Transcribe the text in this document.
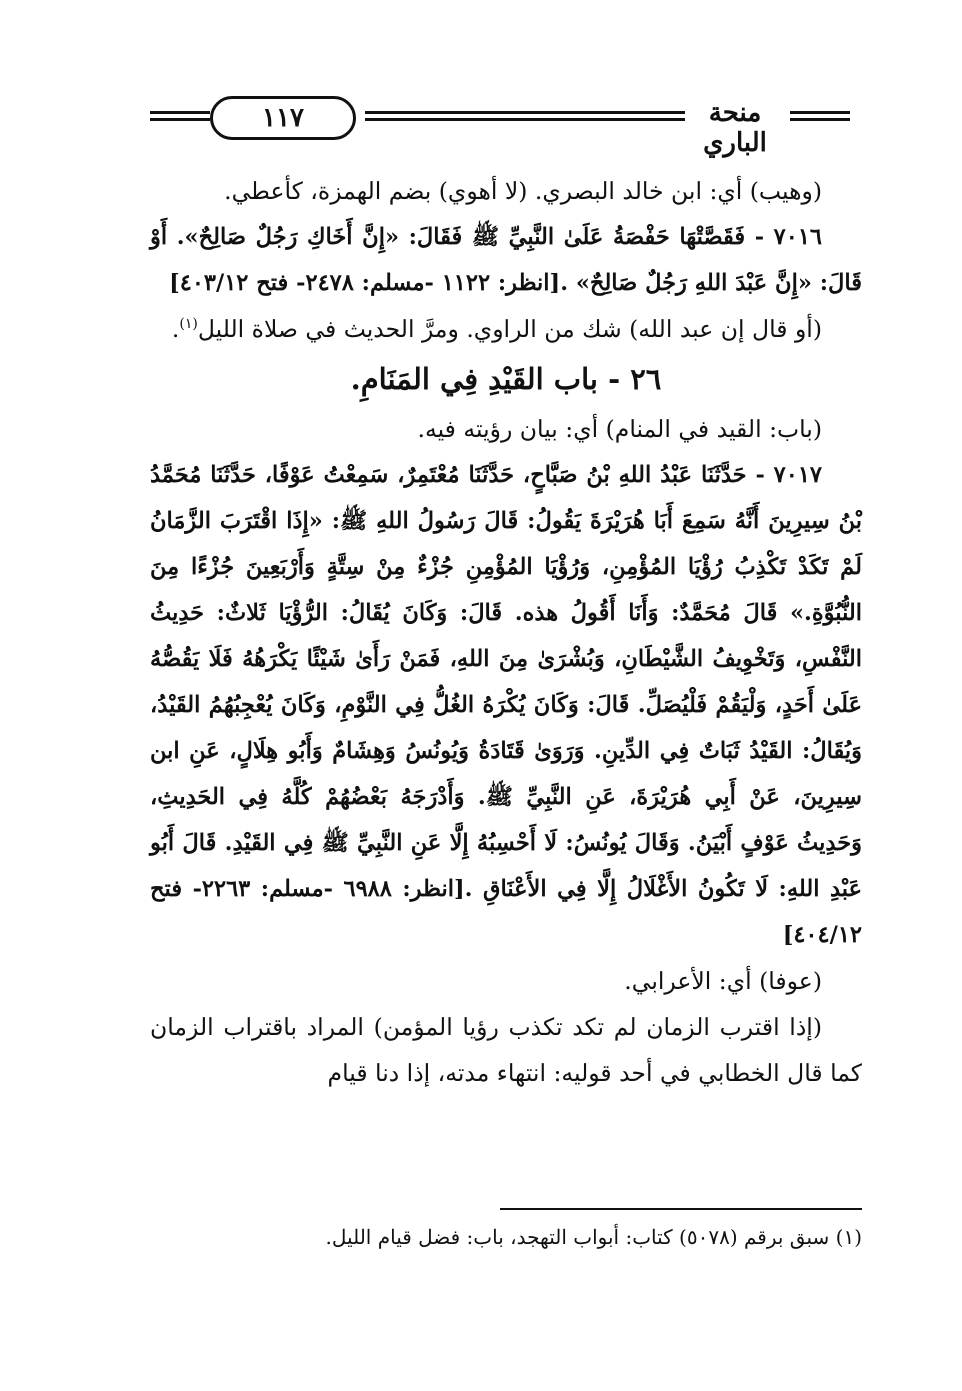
١١٧	منحة الباري

(وهيب) أي: ابن خالد البصري. (لا أهوي) بضم الهمزة، كأعطي.

٧٠١٦ - فَقَصَّتْهَا حَفْصَةُ عَلَىٰ النَّبِيِّ ﷺ فَقَالَ: «إِنَّ أَخَاكِ رَجُلٌ صَالِحٌ». أَوْ قَالَ: «إِنَّ عَبْدَ اللهِ رَجُلٌ صَالِحٌ» .[انظر: ١١٢٢ -مسلم: ٢٤٧٨- فتح ٤٠٣/١٢]

(أو قال إن عبد الله) شك من الراوي. ومرَّ الحديث في صلاة الليل$^{(١)}$.

٢٦ - باب القَيْدِ فِي المَنَامِ.

(باب: القيد في المنام) أي: بيان رؤيته فيه.

٧٠١٧ - حَدَّثَنَا عَبْدُ اللهِ بْنُ صَبَّاحٍ، حَدَّثَنَا مُعْتَمِرٌ، سَمِعْتُ عَوْفًا، حَدَّثَنَا مُحَمَّدُ بْنُ سِيرِينَ أَنَّهُ سَمِعَ أَبَا هُرَيْرَةَ يَقُولُ: قَالَ رَسُولُ اللهِ ﷺ: «إِذَا اقْتَرَبَ الزَّمَانُ لَمْ تَكَدْ تَكْذِبُ رُؤْيَا المُؤْمِنِ، وَرُؤْيَا المُؤْمِنِ جُزْءٌ مِنْ سِتَّةٍ وَأَرْبَعِينَ جُزْءًا مِنَ النُّبُوَّةِ.» قَالَ مُحَمَّدٌ: وَأَنَا أَقُولُ هذه. قَالَ: وَكَانَ يُقَالُ: الرُّؤْيَا ثَلاثٌ: حَدِيثُ النَّفْسِ، وَتَخْوِيفُ الشَّيْطَانِ، وَبُشْرَىٰ مِنَ اللهِ، فَمَنْ رَأَىٰ شَيْئًا يَكْرَهُهُ فَلَا يَقُصُّهُ عَلَىٰ أَحَدٍ، وَلْيَقُمْ فَلْيُصَلِّ. قَالَ: وَكَانَ يُكْرَهُ الغُلُّ فِي النَّوْمِ، وَكَانَ يُعْجِبُهُمُ القَيْدُ، وَيُقَالُ: القَيْدُ ثَبَاتٌ فِي الدِّينِ. وَرَوَىٰ قَتَادَةُ وَيُونُسُ وَهِشَامٌ وَأَبُو هِلَالٍ، عَنِ ابن سِيرِينَ، عَنْ أَبِي هُرَيْرَةَ، عَنِ النَّبِيِّ ﷺ. وَأَدْرَجَهُ بَعْضُهُمْ كُلَّهُ فِي الحَدِيثِ، وَحَدِيثُ عَوْفٍ أَبْيَنُ. وَقَالَ يُونُسُ: لَا أَحْسِبُهُ إِلَّا عَنِ النَّبِيِّ ﷺ فِي القَيْدِ. قَالَ أَبُو عَبْدِ اللهِ: لَا تَكُونُ الأَغْلَالُ إِلَّا فِي الأَعْنَاقِ .[انظر: ٦٩٨٨ -مسلم: ٢٢٦٣- فتح ٤٠٤/١٢]

(عوفا) أي: الأعرابي.

(إذا اقترب الزمان لم تكد تكذب رؤيا المؤمن) المراد باقتراب الزمان كما قال الخطابي في أحد قوليه: انتهاء مدته، إذا دنا قيام

(١) سبق برقم (٥٠٧٨) كتاب: أبواب التهجد، باب: فضل قيام الليل.
